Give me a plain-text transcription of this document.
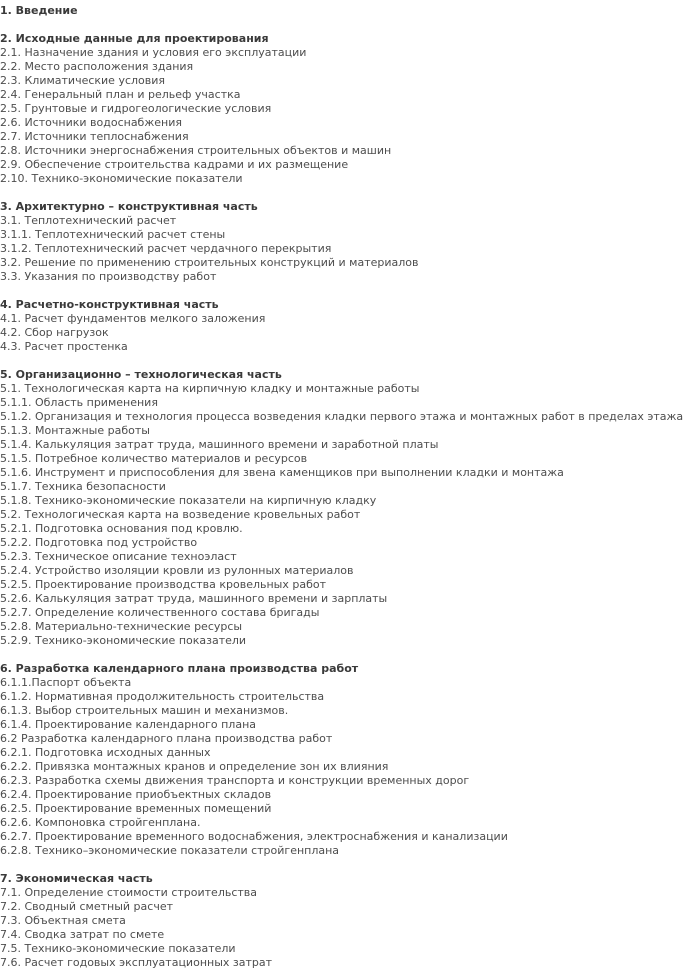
1. Введение
2. Исходные данные для проектирования
2.1. Назначение здания и условия его эксплуатации
2.2. Место расположения здания
2.3. Климатические условия
2.4. Генеральный план и рельеф участка
2.5. Грунтовые и гидрогеологические условия
2.6. Источники водоснабжения
2.7. Источники теплоснабжения
2.8. Источники энергоснабжения строительных объектов и машин
2.9. Обеспечение строительства кадрами и их размещение
2.10. Технико-экономические показатели
3. Архитектурно – конструктивная часть
3.1. Теплотехнический расчет
3.1.1. Теплотехнический расчет стены
3.1.2. Теплотехнический расчет чердачного перекрытия
3.2. Решение по применению строительных конструкций и материалов
3.3. Указания по производству работ
4. Расчетно-конструктивная часть
4.1. Расчет фундаментов мелкого заложения
4.2. Сбор нагрузок
4.3. Расчет простенка
5. Организационно – технологическая часть
5.1. Технологическая карта на кирпичную кладку и монтажные работы
5.1.1. Область применения
5.1.2. Организация и технология процесса возведения кладки первого этажа и монтажных работ в пределах этажа
5.1.3. Монтажные работы
5.1.4. Калькуляция затрат труда, машинного времени и заработной платы
5.1.5. Потребное количество материалов и ресурсов
5.1.6. Инструмент и приспособления для звена каменщиков при выполнении кладки и монтажа
5.1.7. Техника безопасности
5.1.8. Технико-экономические показатели на кирпичную кладку
5.2. Технологическая карта на возведение кровельных работ
5.2.1. Подготовка основания под кровлю.
5.2.2. Подготовка под устройство
5.2.3. Техническое описание техноэласт
5.2.4. Устройство изоляции кровли из рулонных материалов
5.2.5. Проектирование производства кровельных работ
5.2.6. Калькуляция затрат труда, машинного времени и зарплаты
5.2.7. Определение количественного состава бригады
5.2.8. Материально-технические ресурсы
5.2.9. Технико-экономические показатели
6. Разработка календарного плана производства работ
6.1.1.Паспорт объекта
6.1.2. Нормативная продолжительность строительства
6.1.3. Выбор строительных машин и механизмов.
6.1.4. Проектирование календарного плана
6.2 Разработка календарного плана производства работ
6.2.1. Подготовка исходных данных
6.2.2. Привязка монтажных кранов и определение зон их влияния
6.2.3. Разработка схемы движения транспорта и конструкции временных дорог
6.2.4. Проектирование приобъектных складов
6.2.5. Проектирование временных помещений
6.2.6. Компоновка стройгенплана.
6.2.7. Проектирование временного водоснабжения, электроснабжения и канализации
6.2.8. Технико–экономические показатели стройгенплана
7. Экономическая часть
7.1. Определение стоимости строительства
7.2. Сводный сметный расчет
7.3. Объектная смета
7.4. Сводка затрат по смете
7.5. Технико-экономические показатели
7.6. Расчет годовых эксплуатационных затрат
